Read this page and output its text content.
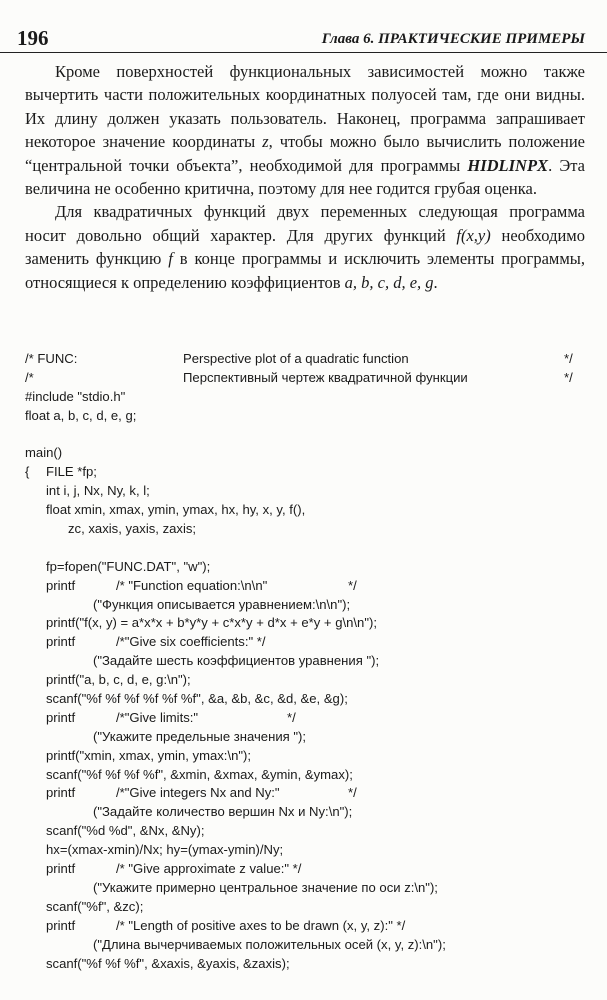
196	Глава 6. ПРАКТИЧЕСКИЕ ПРИМЕРЫ

Кроме поверхностей функциональных зависимостей можно также вычертить части положительных координатных полуосей там, где они видны. Их длину должен указать пользователь. Наконец, программа запрашивает некоторое значение координаты z, чтобы можно было вычислить положение “центральной точки объекта”, необходимой для программы HIDLINPX. Эта величина не особенно критична, поэтому для нее годится грубая оценка.

Для квадратичных функций двух переменных следующая программа носит довольно общий характер. Для других функций f(x,y) необходимо заменить функцию f в конце программы и исключить элементы программы, относящиеся к определению коэффициентов a, b, c, d, e, g.

/* FUNC:	Perspective plot of a quadratic function	*/
/*	Перспективный чертеж квадратичной функции	*/
#include "stdio.h"
float a, b, c, d, e, g;
main()
{ FILE *fp;
int i, j, Nx, Ny, k, l;
float xmin, xmax, ymin, ymax, hx, hy, x, y, f(),
zc, xaxis, yaxis, zaxis;
fp=fopen("FUNC.DAT", "w");
printf	/* "Function equation:\n\n"	*/
("Функция описывается уравнением:\n\n");
printf("f(x, y) = a*x*x + b*y*y + c*x*y + d*x + e*y + g\n\n");
printf	/*"Give six coefficients:" */
("Задайте шесть коэффициентов уравнения ");
printf("a, b, c, d, e, g:\n");
scanf("%f %f %f %f %f %f", &a, &b, &c, &d, &e, &g);
printf	/*"Give limits:"	*/
("Укажите предельные значения ");
printf("xmin, xmax, ymin, ymax:\n");
scanf("%f %f %f %f", &xmin, &xmax, &ymin, &ymax);
printf	/*"Give integers Nx and Ny:"	*/
("Задайте количество вершин Nx и Ny:\n");
scanf("%d %d", &Nx, &Ny);
hx=(xmax-xmin)/Nx; hy=(ymax-ymin)/Ny;
printf	/* "Give approximate z value:" */
("Укажите примерно центральное значение по оси z:\n");
scanf("%f", &zc);
printf	/* "Length of positive axes to be drawn (x, y, z):" */
("Длина вычерчиваемых положительных осей (x, y, z):\n");
scanf("%f %f %f", &xaxis, &yaxis, &zaxis);
